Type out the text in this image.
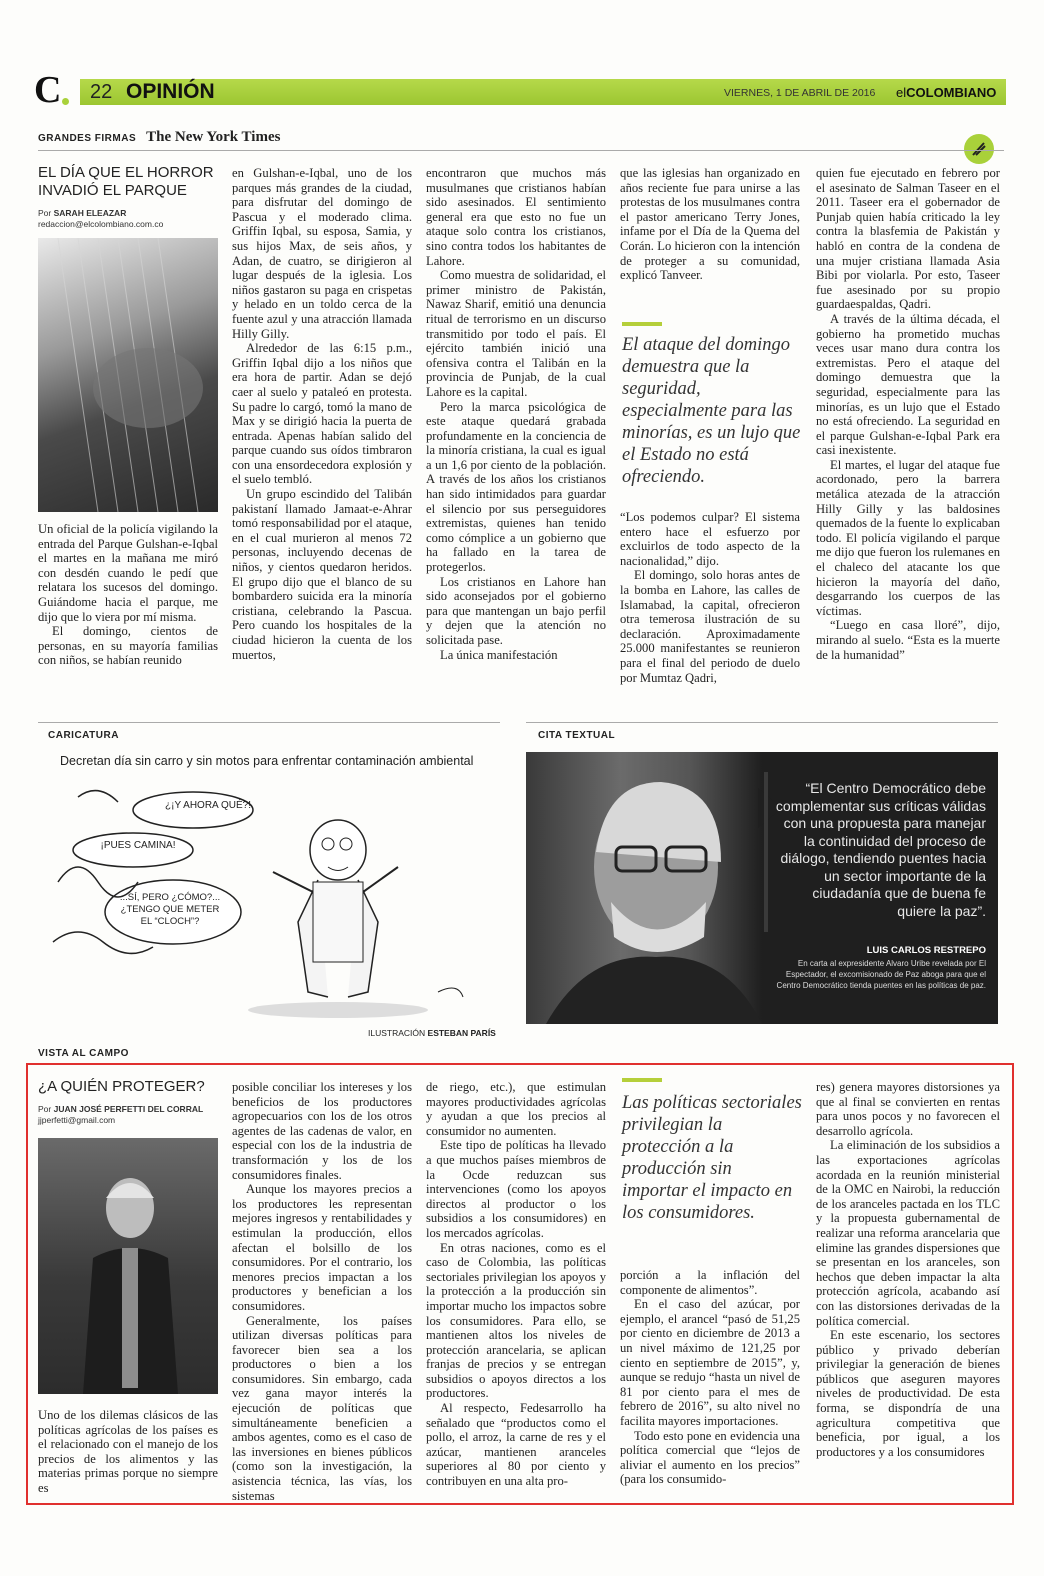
C 22 OPINIÓN	VIERNES, 1 DE ABRIL DE 2016 elCOLOMBIANO
GRANDES FIRMAS The New York Times
EL DÍA QUE EL HORROR INVADIÓ EL PARQUE
Por SARAH ELEAZAR
redaccion@elcolombiano.com.co

Un oficial de la policía vigilando la entrada del Parque Gulshan-e-Iqbal el martes en la mañana me miró con desdén cuando le pedí que relatara los sucesos del domingo. Guiándome hacia el parque, me dijo que lo viera por mí misma.

El domingo, cientos de personas, en su mayoría familias con niños, se habían reunido

en Gulshan-e-Iqbal, uno de los parques más grandes de la ciudad, para disfrutar del domingo de Pascua y el moderado clima. Griffin Iqbal, su esposa, Samia, y sus hijos Max, de seis años, y Adan, de cuatro, se dirigieron al lugar después de la iglesia. Los niños gastaron su paga en crispetas y helado en un toldo cerca de la fuente azul y una atracción llamada Hilly Gilly.

Alrededor de las 6:15 p.m., Griffin Iqbal dijo a los niños que era hora de partir. Adan se dejó caer al suelo y pataleó en protesta. Su padre lo cargó, tomó la mano de Max y se dirigió hacia la puerta de entrada. Apenas habían salido del parque cuando sus oídos timbraron con una ensordecedora explosión y el suelo tembló.

Un grupo escindido del Talibán pakistaní llamado Jamaat-e-Ahrar tomó responsabilidad por el ataque, en el cual murieron al menos 72 personas, incluyendo decenas de niños, y cientos quedaron heridos. El grupo dijo que el blanco de su bombardero suicida era la minoría cristiana, celebrando la Pascua. Pero cuando los hospitales de la ciudad hicieron la cuenta de los muertos,

encontraron que muchos más musulmanes que cristianos habían sido asesinados. El sentimiento general era que esto no fue un ataque solo contra los cristianos, sino contra todos los habitantes de Lahore.

Como muestra de solidaridad, el primer ministro de Pakistán, Nawaz Sharif, emitió una denuncia ritual de terrorismo en un discurso transmitido por todo el país. El ejército también inició una ofensiva contra el Talibán en la provincia de Punjab, de la cual Lahore es la capital.

Pero la marca psicológica de este ataque quedará grabada profundamente en la conciencia de la minoría cristiana, la cual es igual a un 1,6 por ciento de la población. A través de los años los cristianos han sido intimidados para guardar el silencio por sus perseguidores extremistas, quienes han tenido como cómplice a un gobierno que ha fallado en la tarea de protegerlos.

Los cristianos en Lahore han sido aconsejados por el gobierno para que mantengan un bajo perfil y dejen que la atención no solicitada pase.

La única manifestación

que las iglesias han organizado en años reciente fue para unirse a las protestas de los musulmanes contra el pastor americano Terry Jones, infame por el Día de la Quema del Corán. Lo hicieron con la intención de proteger a su comunidad, explicó Tanveer.

El ataque del domingo demuestra que la seguridad, especialmente para las minorías, es un lujo que el Estado no está ofreciendo.

“Los podemos culpar? El sistema entero hace el esfuerzo por excluirlos de todo aspecto de la nacionalidad,” dijo.

El domingo, solo horas antes de la bomba en Lahore, las calles de Islamabad, la capital, ofrecieron otra temerosa ilustración de su declaración. Aproximadamente 25.000 manifestantes se reunieron para el final del periodo de duelo por Mumtaz Qadri,

quien fue ejecutado en febrero por el asesinato de Salman Taseer en el 2011. Taseer era el gobernador de Punjab quien había criticado la ley contra la blasfemia de Pakistán y habló en contra de la condena de una mujer cristiana llamada Asia Bibi por violarla. Por esto, Taseer fue asesinado por su propio guardaespaldas, Qadri.

A través de la última década, el gobierno ha prometido muchas veces usar mano dura contra los extremistas. Pero el ataque del domingo demuestra que la seguridad, especialmente para las minorías, es un lujo que el Estado no está ofreciendo. La seguridad en el parque Gulshan-e-Iqbal Park era casi inexistente.

El martes, el lugar del ataque fue acordonado, pero la barrera metálica atezada de la atracción Hilly Gilly y las baldosines quemados de la fuente lo explicaban todo. El policía vigilando el parque me dijo que fueron los rulemanes en el chaleco del atacante los que hicieron la mayoría del daño, desgarrando los cuerpos de las víctimas.

“Luego en casa lloré”, dijo, mirando al suelo. “Esta es la muerte de la humanidad”

CARICATURA
Decretan día sin carro y sin motos para enfrentar contaminación ambiental
¿¡Y AHORA QUÉ?!
¡PUES CAMINA!
...SÍ, PERO ¿CÓMO?...
¿TENGO QUE METER
EL “CLOCH”?
ILUSTRACIÓN ESTEBAN PARÍS
CITA TEXTUAL
“El Centro Democrático debe complementar sus críticas válidas con una propuesta para manejar la continuidad del proceso de diálogo, tendiendo puentes hacia un sector importante de la ciudadanía que de buena fe quiere la paz”.
LUIS CARLOS RESTREPO
En carta al expresidente Alvaro Uribe revelada por El Espectador, el excomisionado de Paz aboga para que el Centro Democrático tienda puentes en las políticas de paz.
VISTA AL CAMPO
¿A QUIÉN PROTEGER?
Por JUAN JOSÉ PERFETTI DEL CORRAL
jjperfetti@gmail.com

Uno de los dilemas clásicos de las políticas agrícolas de los países es el relacionado con el manejo de los precios de los alimentos y las materias primas porque no siempre es

posible conciliar los intereses y los beneficios de los productores agropecuarios con los de los otros agentes de las cadenas de valor, en especial con los de la industria de transformación y los de los consumidores finales.

Aunque los mayores precios a los productores les representan mejores ingresos y rentabilidades y estimulan la producción, ellos afectan el bolsillo de los consumidores. Por el contrario, los menores precios impactan a los productores y benefician a los consumidores.

Generalmente, los países utilizan diversas políticas para favorecer bien sea a los productores o bien a los consumidores. Sin embargo, cada vez gana mayor interés la ejecución de políticas que simultáneamente beneficien a ambos agentes, como es el caso de las inversiones en bienes públicos (como son la investigación, la asistencia técnica, las vías, los sistemas

de riego, etc.), que estimulan mayores productividades agrícolas y ayudan a que los precios al consumidor no aumenten.

Este tipo de políticas ha llevado a que muchos países miembros de la Ocde reduzcan sus intervenciones (como los apoyos directos al productor o los subsidios a los consumidores) en los mercados agrícolas.

En otras naciones, como es el caso de Colombia, las políticas sectoriales privilegian los apoyos y la protección a la producción sin importar mucho los impactos sobre los consumidores. Para ello, se mantienen altos los niveles de protección arancelaria, se aplican franjas de precios y se entregan subsidios o apoyos directos a los productores.

Al respecto, Fedesarrollo ha señalado que “productos como el pollo, el arroz, la carne de res y el azúcar, mantienen aranceles superiores al 80 por ciento y contribuyen en una alta pro-

Las políticas sectoriales privilegian la protección a la producción sin importar el impacto en los consumidores.

porción a la inflación del componente de alimentos”.

En el caso del azúcar, por ejemplo, el arancel “pasó de 51,25 por ciento en diciembre de 2013 a un nivel máximo de 121,25 por ciento en septiembre de 2015”, y, aunque se redujo “hasta un nivel de 81 por ciento para el mes de febrero de 2016”, su alto nivel no facilita mayores importaciones.

Todo esto pone en evidencia una política comercial que “lejos de aliviar el aumento en los precios” (para los consumido-

res) genera mayores distorsiones ya que al final se convierten en rentas para unos pocos y no favorecen el desarrollo agrícola.

La eliminación de los subsidios a las exportaciones agrícolas acordada en la reunión ministerial de la OMC en Nairobi, la reducción de los aranceles pactada en los TLC y la propuesta gubernamental de realizar una reforma arancelaria que elimine las grandes dispersiones que se presentan en los aranceles, son hechos que deben impactar la alta protección agrícola, acabando así con las distorsiones derivadas de la política comercial.

En este escenario, los sectores público y privado deberían privilegiar la generación de bienes públicos que aseguren mayores niveles de productividad. De esta forma, se dispondría de una agricultura competitiva que beneficia, por igual, a los productores y a los consumidores
